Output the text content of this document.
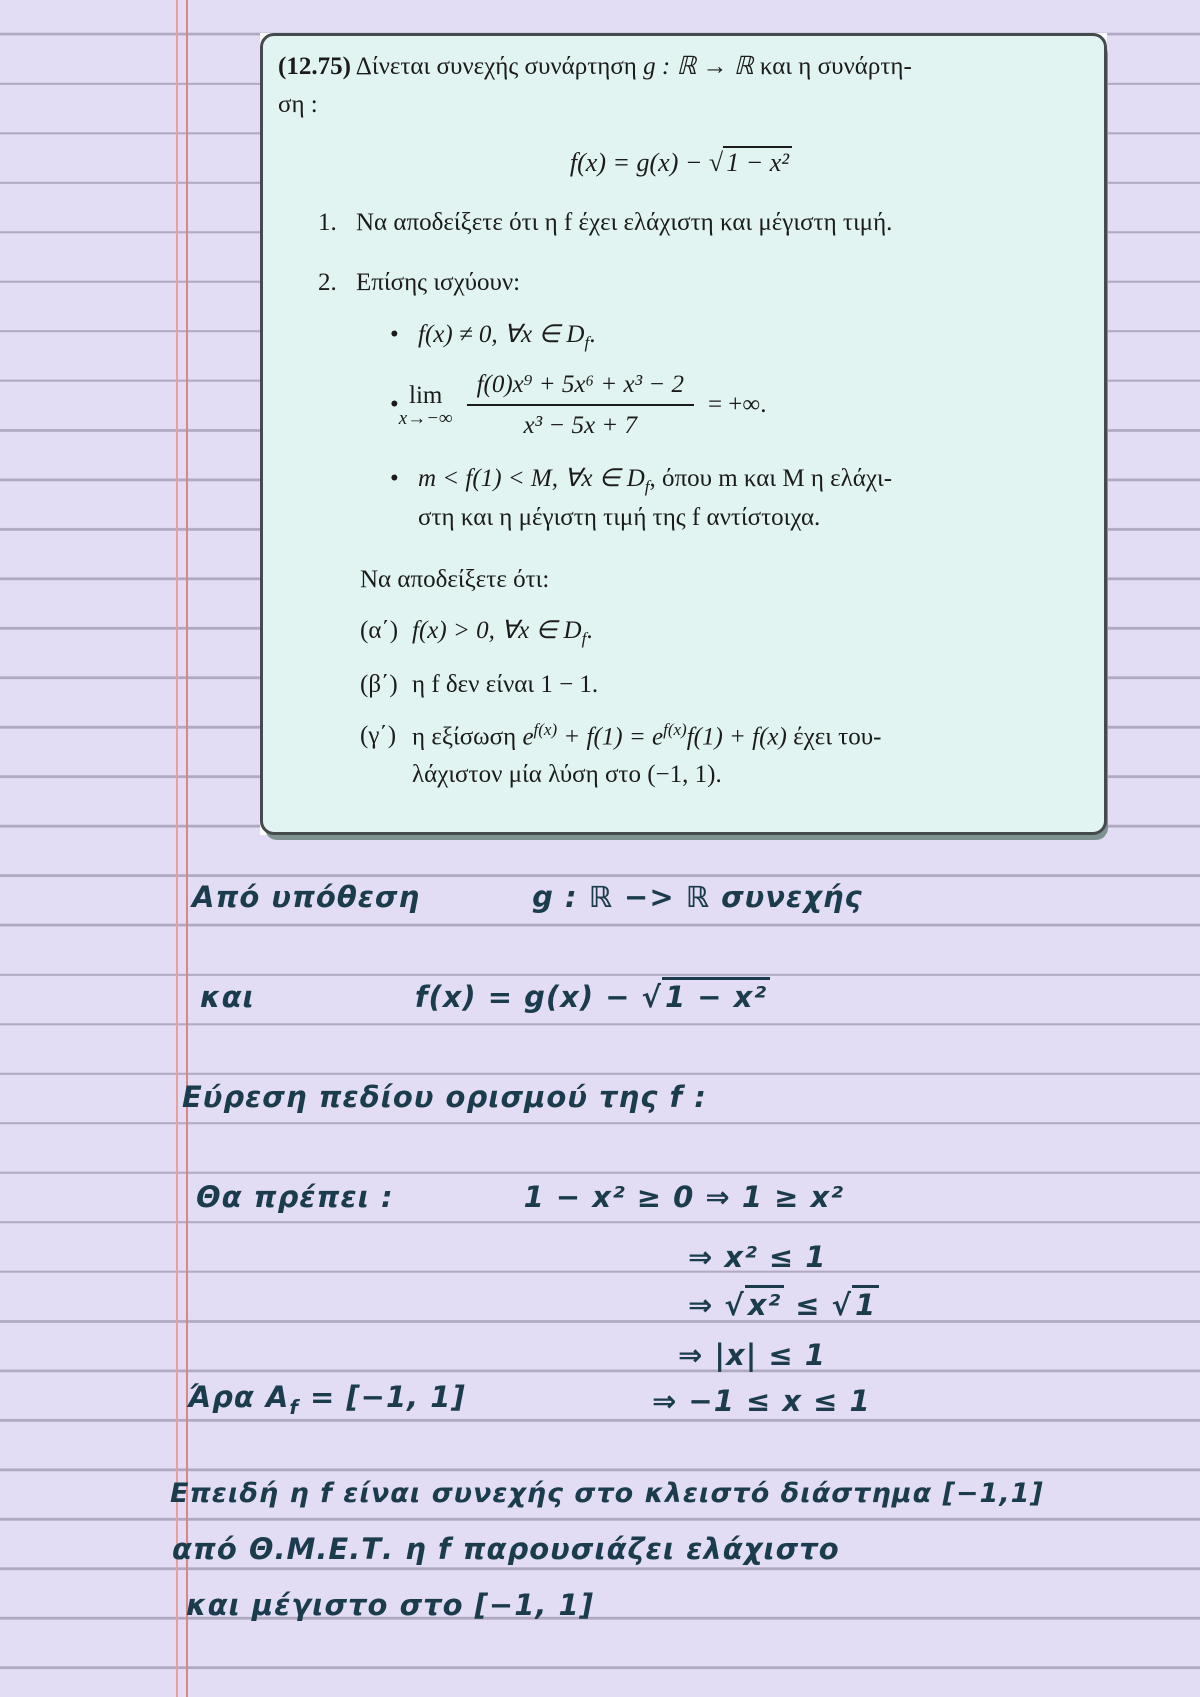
(12.75) Δίνεται συνεχής συνάρτηση g : ℝ → ℝ και η συνάρτη-
ση :
f(x) = g(x) − √ 1 − x²
1. Να αποδείξετε ότι η f έχει ελάχιστη και μέγιστη τιμή.
2. Επίσης ισχύουν:
• f(x) ≠ 0, ∀x ∈ $D_f$.
• lim
$x\to-\infty \frac{\text{f(0)x⁹ + 5x⁶ + x³ − 2}}{\text{x³ − 5x + 7}}$ = +∞.
• m < f(1) < M, ∀x ∈ $D_f$, όπου m και M η ελάχι-
στη και η μέγιστη τιμή της f αντίστοιχα.
Να αποδείξετε ότι:
(α΄) f(x) > 0, ∀x ∈ $D_f$.
(β΄) η f δεν είναι 1 − 1.
(γ΄) η εξίσωση $e^{f(x)} + f(1) = e^{f(x)}f(1) + f(x)$ έχει του-
λάχιστον μία λύση στο (−1, 1).
Από υπόθεση	g : ℝ −> ℝ συνεχής
και	f(x) = g(x) − √ 1 − x²
Εύρεση πεδίου ορισμού της f :
Θα πρέπει :	1 − x² ≥ 0 ⇒ 1 ≥ x²
⇒ x² ≤ 1
⇒ √ x² ≤ √ 1
⇒ |x| ≤ 1
Άρα $A_f = [-1$, 1]	⇒ −1 ≤ x ≤ 1
Επειδή η f είναι συνεχής στο κλειστό διάστημα [−1,1]
από Θ.Μ.Ε.Τ. η f παρουσιάζει ελάχιστο
και μέγιστο στο [−1, 1]
